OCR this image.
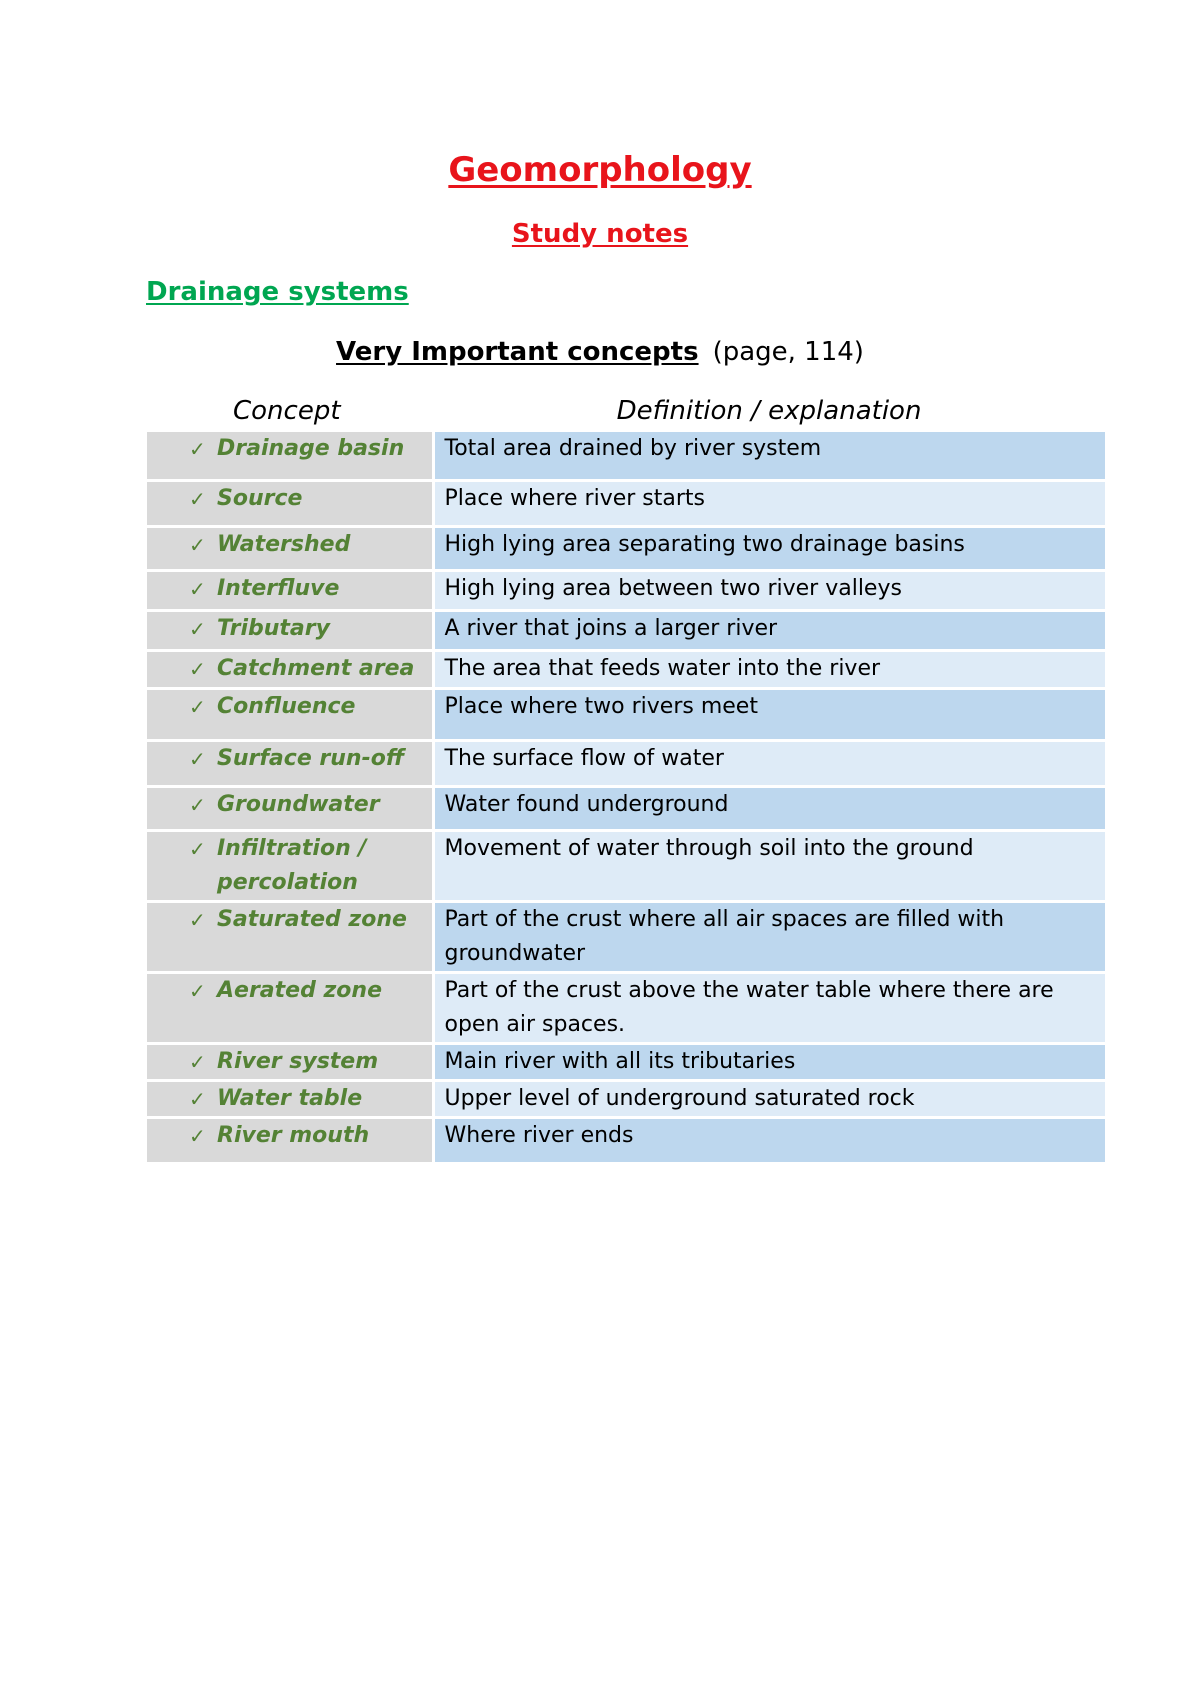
Geomorphology
Study notes
Drainage systems
Very Important concepts (page, 114)
Concept	Definition / explanation

✓ Drainage basin	Total area drained by river system

✓ Source	Place where river starts

✓ Watershed	High lying area separating two drainage basins

✓ Interfluve	High lying area between two river valleys

✓ Tributary	A river that joins a larger river

✓ Catchment area	The area that feeds water into the river

✓ Confluence	Place where two rivers meet

✓ Surface run-off	The surface flow of water

✓ Groundwater	Water found underground

✓ Infiltration / percolation	Movement of water through soil into the ground

✓ Saturated zone	Part of the crust where all air spaces are filled with groundwater

✓ Aerated zone	Part of the crust above the water table where there are open air spaces.

✓ River system	Main river with all its tributaries

✓ Water table	Upper level of underground saturated rock

✓ River mouth	Where river ends
